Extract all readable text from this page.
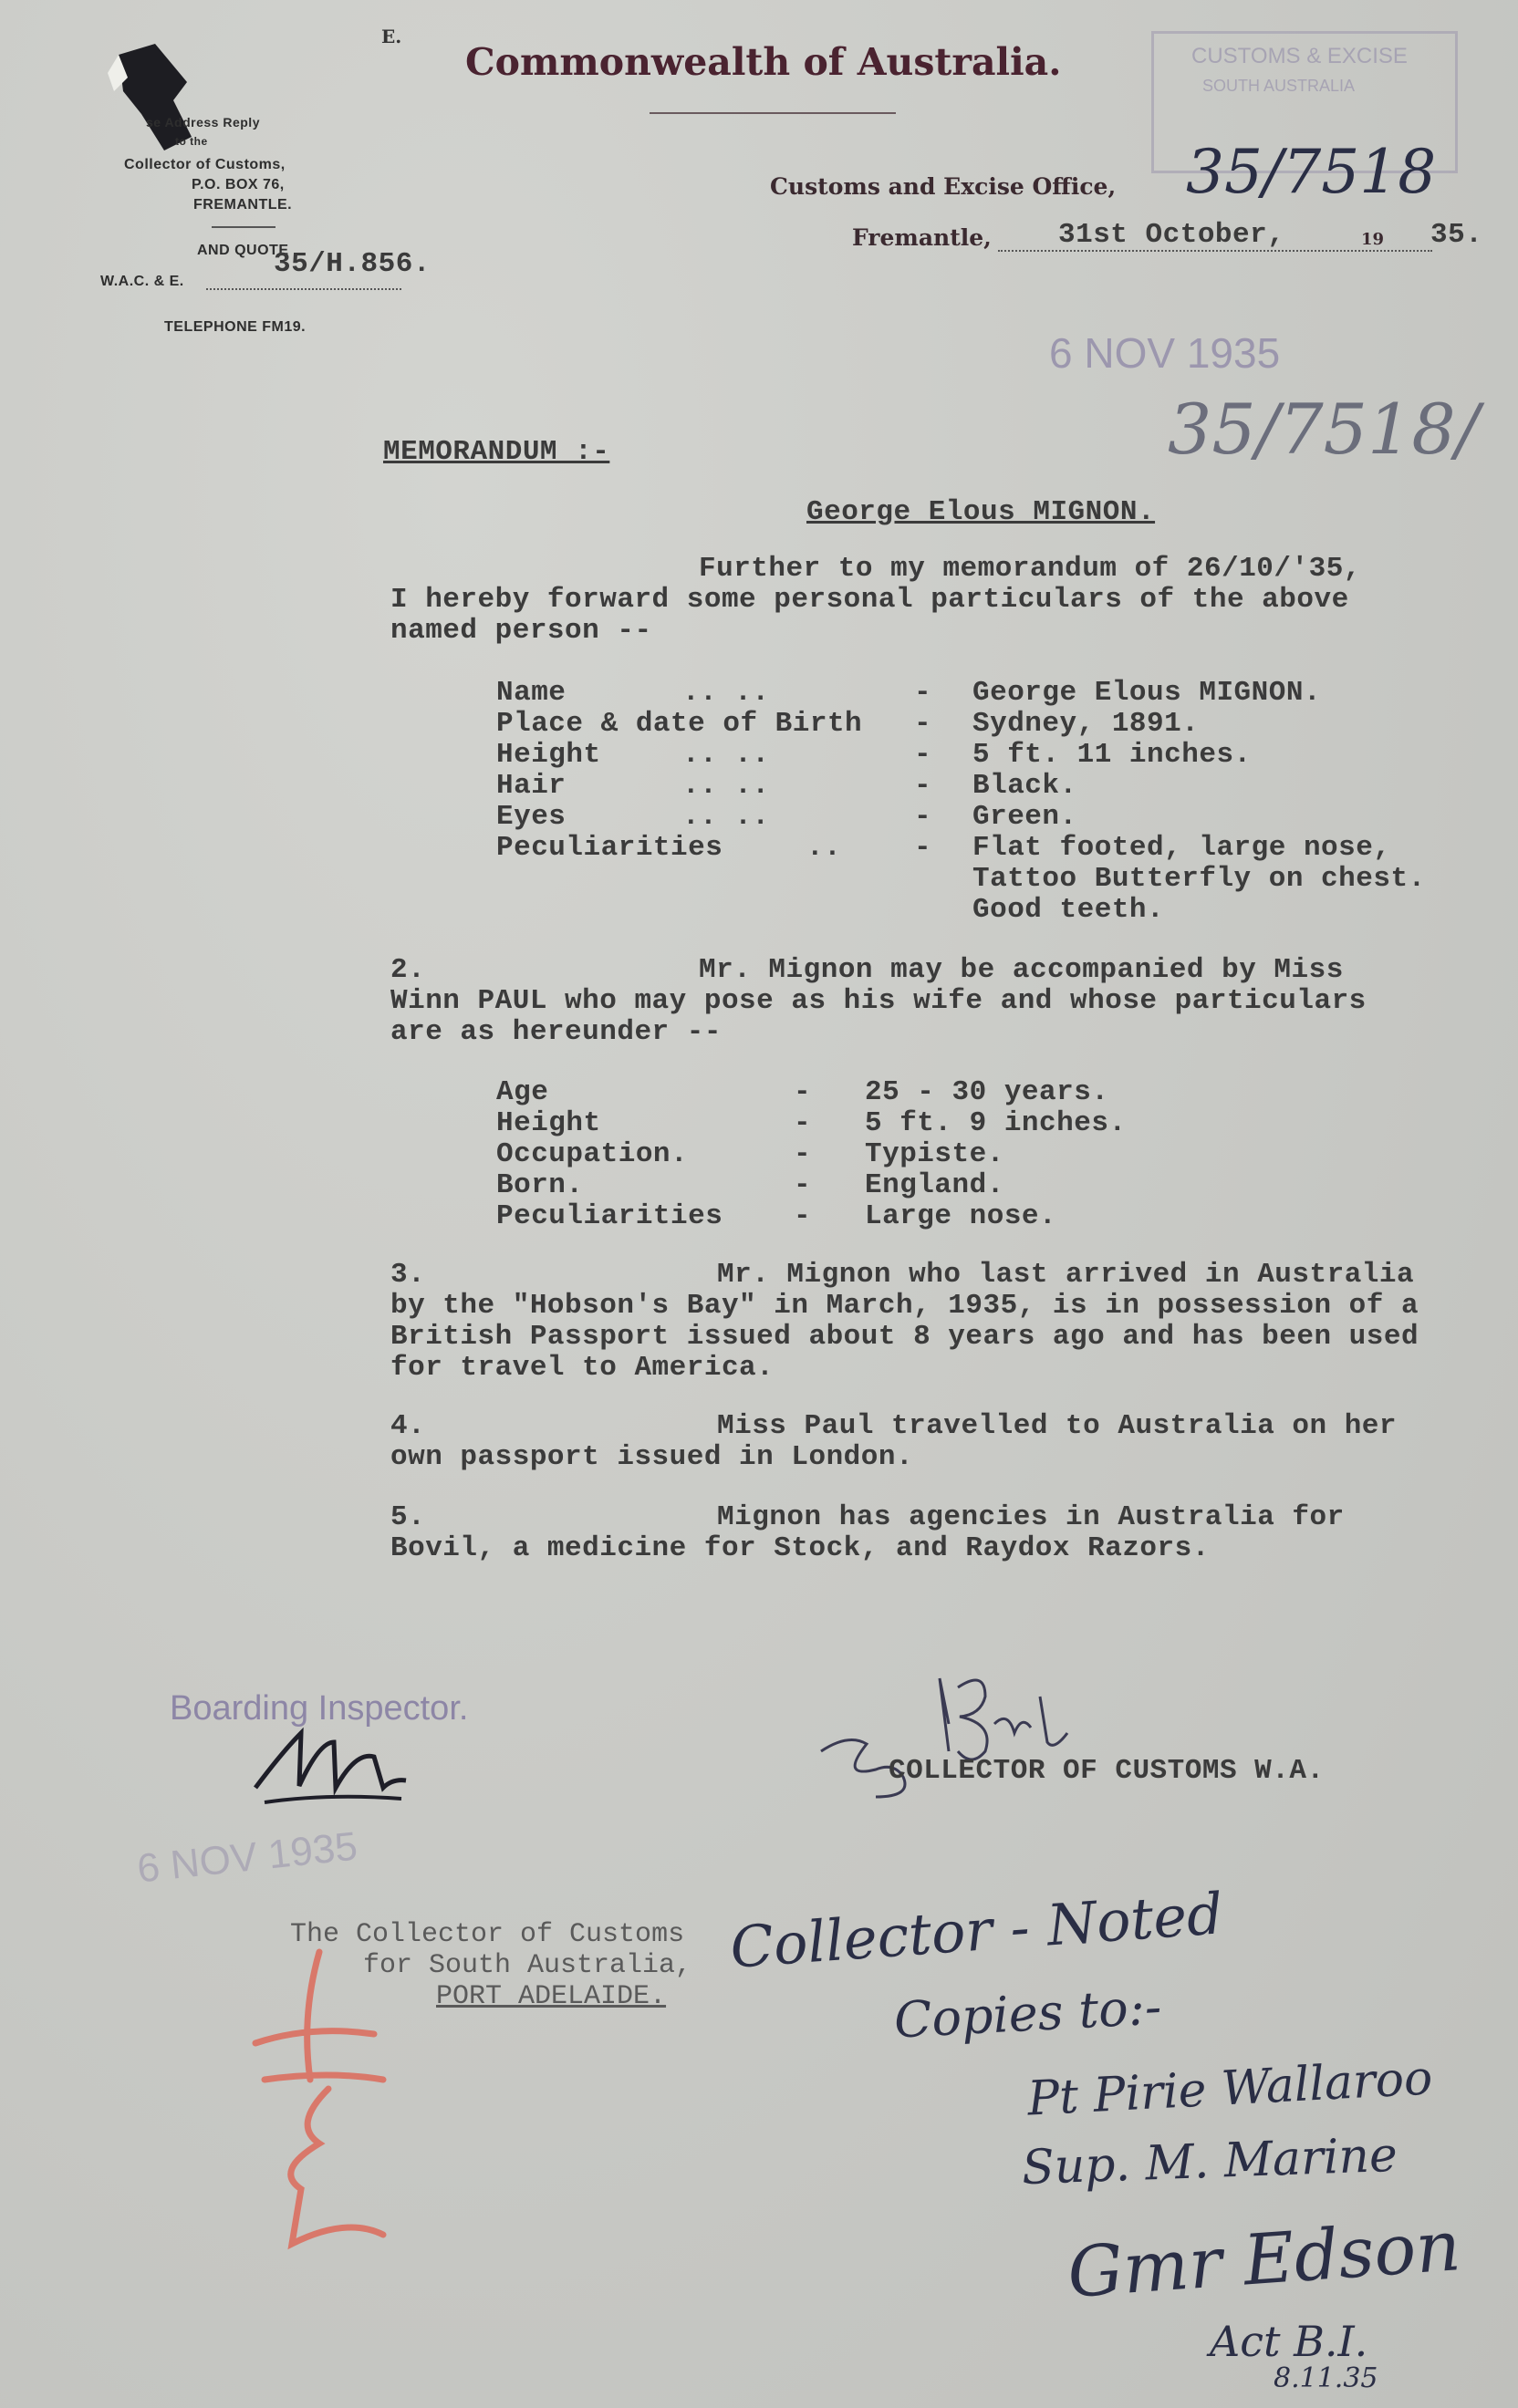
E.
Commonwealth of Australia.
se Address Reply
to the
Collector of Customs,
P.O. BOX 76,
FREMANTLE.
AND QUOTE
W.A.C. & E.
35/H.856.
TELEPHONE FM19.
Customs and Excise Office,
Fremantle, 31st October,	19 35.
CUSTOMS & EXCISE
SOUTH AUSTRALIA
35/7518
6 NOV 1935
35/7518/
MEMORANDUM :-
George Elous MIGNON.
Further to my memorandum of 26/10/'35,
I hereby forward some personal particulars of the above
named person --
Name	.. ..	- George Elous MIGNON.
Place & date of Birth - Sydney, 1891.
Height	.. ..	- 5 ft. 11 inches.
Hair	.. ..	- Black.
Eyes	.. ..	- Green.
Peculiarities	..	- Flat footed, large nose,
Tattoo Butterfly on chest.
Good teeth.
2.	Mr. Mignon may be accompanied by Miss
Winn PAUL who may pose as his wife and whose particulars
are as hereunder --
Age	- 25 - 30 years.
Height	- 5 ft. 9 inches.
Occupation.	- Typiste.
Born.	- England.
Peculiarities	- Large nose.
3.	Mr. Mignon who last arrived in Australia
by the "Hobson's Bay" in March, 1935, is in possession of a
British Passport issued about 8 years ago and has been used
for travel to America.
4.	Miss Paul travelled to Australia on her
own passport issued in London.
5.	Mignon has agencies in Australia for
Bovil, a medicine for Stock, and Raydox Razors.
Boarding Inspector.
6 NOV 1935
COLLECTOR OF CUSTOMS W.A.
The Collector of Customs
for South Australia,
PORT ADELAIDE.
Collector - Noted
Copies to:-
Pt Pirie Wallaroo
Sup. M. Marine
Gmr Edson
Act B.I.
8.11.35
